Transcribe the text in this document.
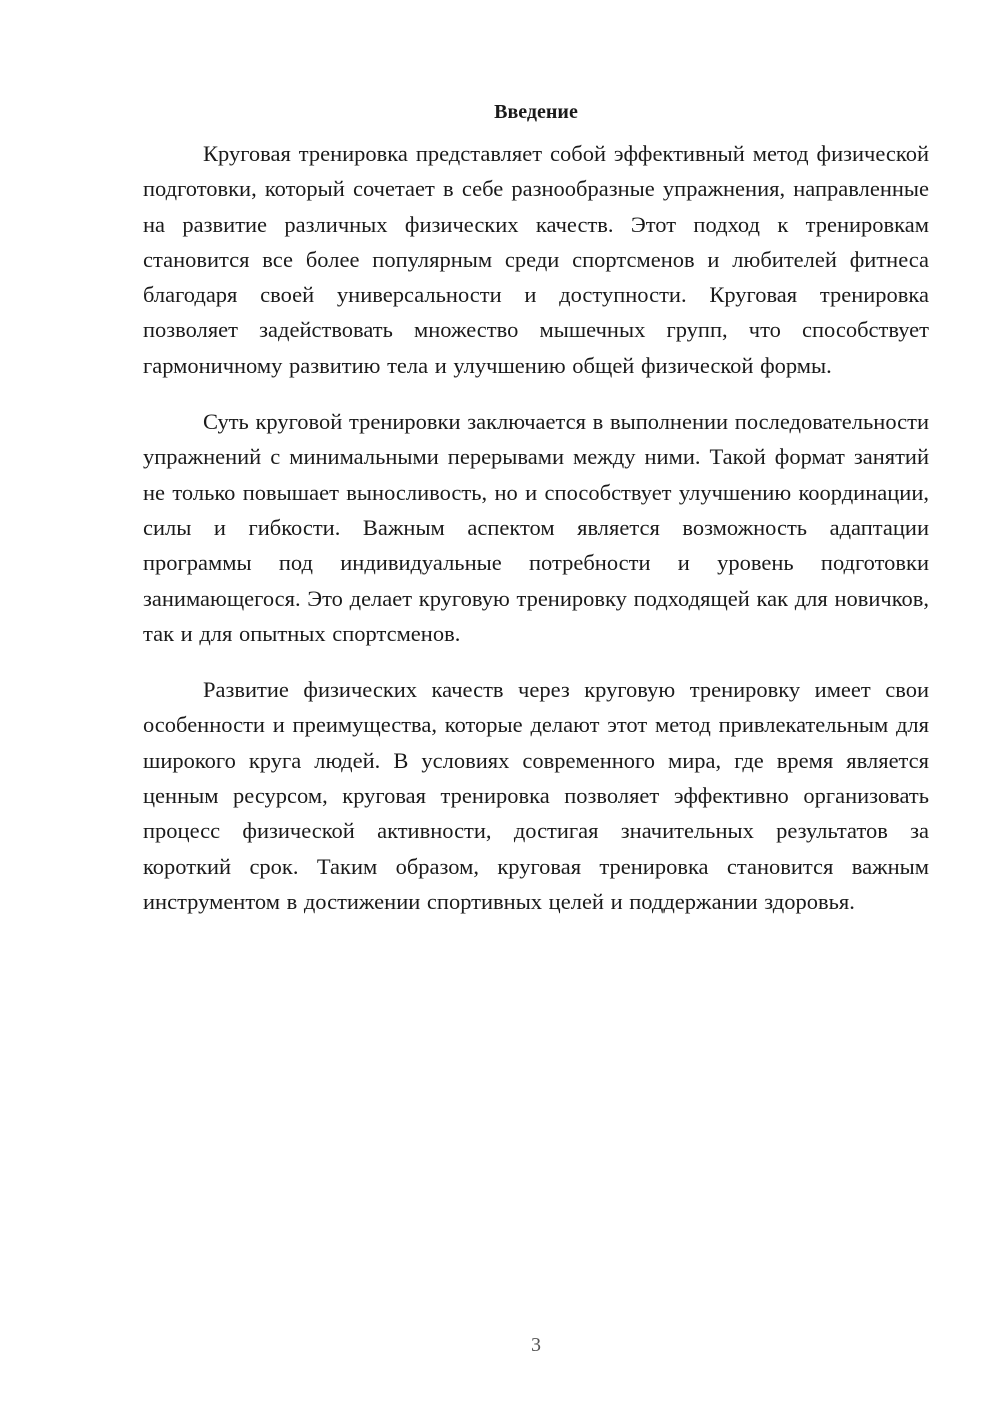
Введение

Круговая тренировка представляет собой эффективный метод физической подготовки, который сочетает в себе разнообразные упражнения, направленные на развитие различных физических качеств. Этот подход к тренировкам становится все более популярным среди спортсменов и любителей фитнеса благодаря своей универсальности и доступности. Круговая тренировка позволяет задействовать множество мышечных групп, что способствует гармоничному развитию тела и улучшению общей физической формы.

Суть круговой тренировки заключается в выполнении последовательности упражнений с минимальными перерывами между ними. Такой формат занятий не только повышает выносливость, но и способствует улучшению координации, силы и гибкости. Важным аспектом является возможность адаптации программы под индивидуальные потребности и уровень подготовки занимающегося. Это делает круговую тренировку подходящей как для новичков, так и для опытных спортсменов.

Развитие физических качеств через круговую тренировку имеет свои особенности и преимущества, которые делают этот метод привлекательным для широкого круга людей. В условиях современного мира, где время является ценным ресурсом, круговая тренировка позволяет эффективно организовать процесс физической активности, достигая значительных результатов за короткий срок. Таким образом, круговая тренировка становится важным инструментом в достижении спортивных целей и поддержании здоровья.

3
